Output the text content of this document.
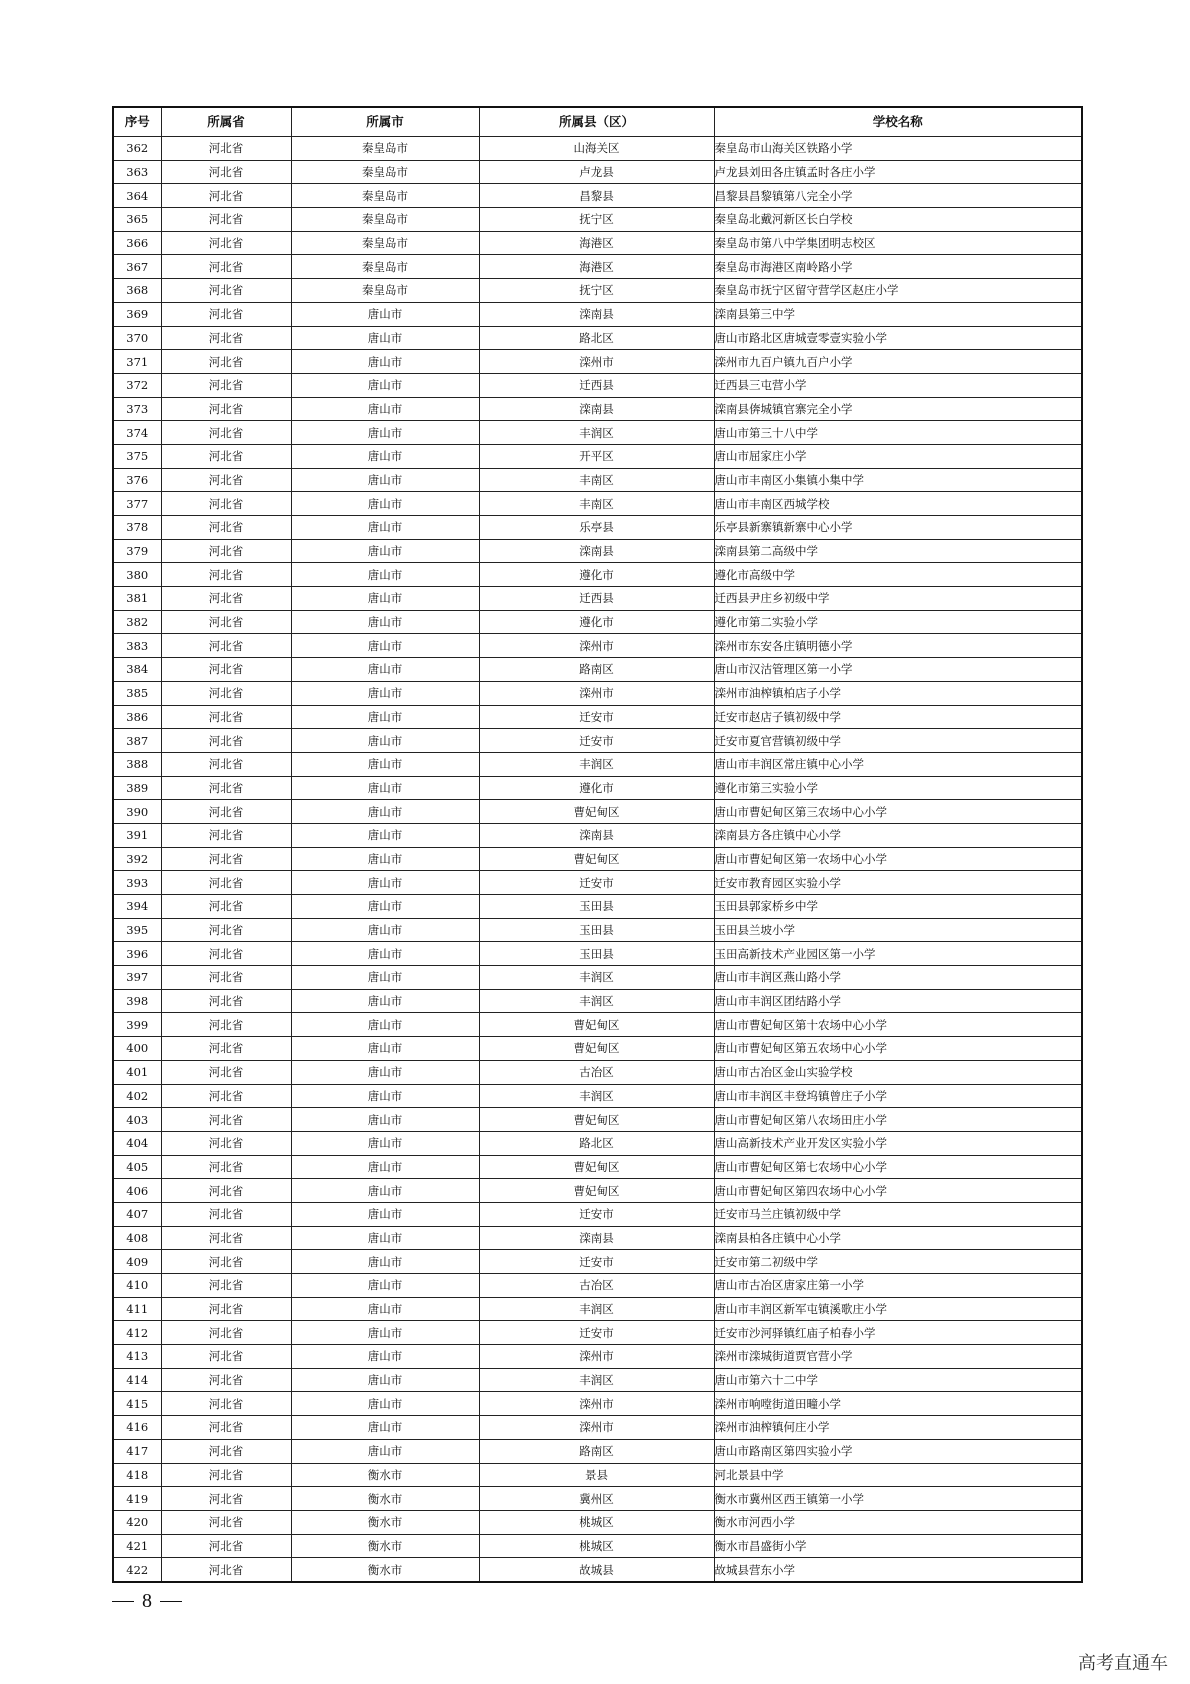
序号	所属省	所属市	所属县（区）	学校名称
362	河北省	秦皇岛市	山海关区	秦皇岛市山海关区铁路小学
363	河北省	秦皇岛市	卢龙县	卢龙县刘田各庄镇孟时各庄小学
364	河北省	秦皇岛市	昌黎县	昌黎县昌黎镇第八完全小学
365	河北省	秦皇岛市	抚宁区	秦皇岛北戴河新区长白学校
366	河北省	秦皇岛市	海港区	秦皇岛市第八中学集团明志校区
367	河北省	秦皇岛市	海港区	秦皇岛市海港区南岭路小学
368	河北省	秦皇岛市	抚宁区	秦皇岛市抚宁区留守营学区赵庄小学
369	河北省	唐山市	滦南县	滦南县第三中学
370	河北省	唐山市	路北区	唐山市路北区唐城壹零壹实验小学
371	河北省	唐山市	滦州市	滦州市九百户镇九百户小学
372	河北省	唐山市	迁西县	迁西县三屯营小学
373	河北省	唐山市	滦南县	滦南县倴城镇官寨完全小学
374	河北省	唐山市	丰润区	唐山市第三十八中学
375	河北省	唐山市	开平区	唐山市屈家庄小学
376	河北省	唐山市	丰南区	唐山市丰南区小集镇小集中学
377	河北省	唐山市	丰南区	唐山市丰南区西城学校
378	河北省	唐山市	乐亭县	乐亭县新寨镇新寨中心小学
379	河北省	唐山市	滦南县	滦南县第二高级中学
380	河北省	唐山市	遵化市	遵化市高级中学
381	河北省	唐山市	迁西县	迁西县尹庄乡初级中学
382	河北省	唐山市	遵化市	遵化市第二实验小学
383	河北省	唐山市	滦州市	滦州市东安各庄镇明德小学
384	河北省	唐山市	路南区	唐山市汉沽管理区第一小学
385	河北省	唐山市	滦州市	滦州市油榨镇柏店子小学
386	河北省	唐山市	迁安市	迁安市赵店子镇初级中学
387	河北省	唐山市	迁安市	迁安市夏官营镇初级中学
388	河北省	唐山市	丰润区	唐山市丰润区常庄镇中心小学
389	河北省	唐山市	遵化市	遵化市第三实验小学
390	河北省	唐山市	曹妃甸区	唐山市曹妃甸区第三农场中心小学
391	河北省	唐山市	滦南县	滦南县方各庄镇中心小学
392	河北省	唐山市	曹妃甸区	唐山市曹妃甸区第一农场中心小学
393	河北省	唐山市	迁安市	迁安市教育园区实验小学
394	河北省	唐山市	玉田县	玉田县郭家桥乡中学
395	河北省	唐山市	玉田县	玉田县兰坡小学
396	河北省	唐山市	玉田县	玉田高新技术产业园区第一小学
397	河北省	唐山市	丰润区	唐山市丰润区燕山路小学
398	河北省	唐山市	丰润区	唐山市丰润区团结路小学
399	河北省	唐山市	曹妃甸区	唐山市曹妃甸区第十农场中心小学
400	河北省	唐山市	曹妃甸区	唐山市曹妃甸区第五农场中心小学
401	河北省	唐山市	古冶区	唐山市古冶区金山实验学校
402	河北省	唐山市	丰润区	唐山市丰润区丰登坞镇曾庄子小学
403	河北省	唐山市	曹妃甸区	唐山市曹妃甸区第八农场田庄小学
404	河北省	唐山市	路北区	唐山高新技术产业开发区实验小学
405	河北省	唐山市	曹妃甸区	唐山市曹妃甸区第七农场中心小学
406	河北省	唐山市	曹妃甸区	唐山市曹妃甸区第四农场中心小学
407	河北省	唐山市	迁安市	迁安市马兰庄镇初级中学
408	河北省	唐山市	滦南县	滦南县柏各庄镇中心小学
409	河北省	唐山市	迁安市	迁安市第二初级中学
410	河北省	唐山市	古冶区	唐山市古冶区唐家庄第一小学
411	河北省	唐山市	丰润区	唐山市丰润区新军屯镇溪歌庄小学
412	河北省	唐山市	迁安市	迁安市沙河驿镇红庙子柏春小学
413	河北省	唐山市	滦州市	滦州市滦城街道贾官营小学
414	河北省	唐山市	丰润区	唐山市第六十二中学
415	河北省	唐山市	滦州市	滦州市响嘡街道田疃小学
416	河北省	唐山市	滦州市	滦州市油榨镇何庄小学
417	河北省	唐山市	路南区	唐山市路南区第四实验小学
418	河北省	衡水市	景县	河北景县中学
419	河北省	衡水市	冀州区	衡水市冀州区西王镇第一小学
420	河北省	衡水市	桃城区	衡水市河西小学
421	河北省	衡水市	桃城区	衡水市昌盛街小学
422	河北省	衡水市	故城县	故城县营东小学
8
高考直通车
